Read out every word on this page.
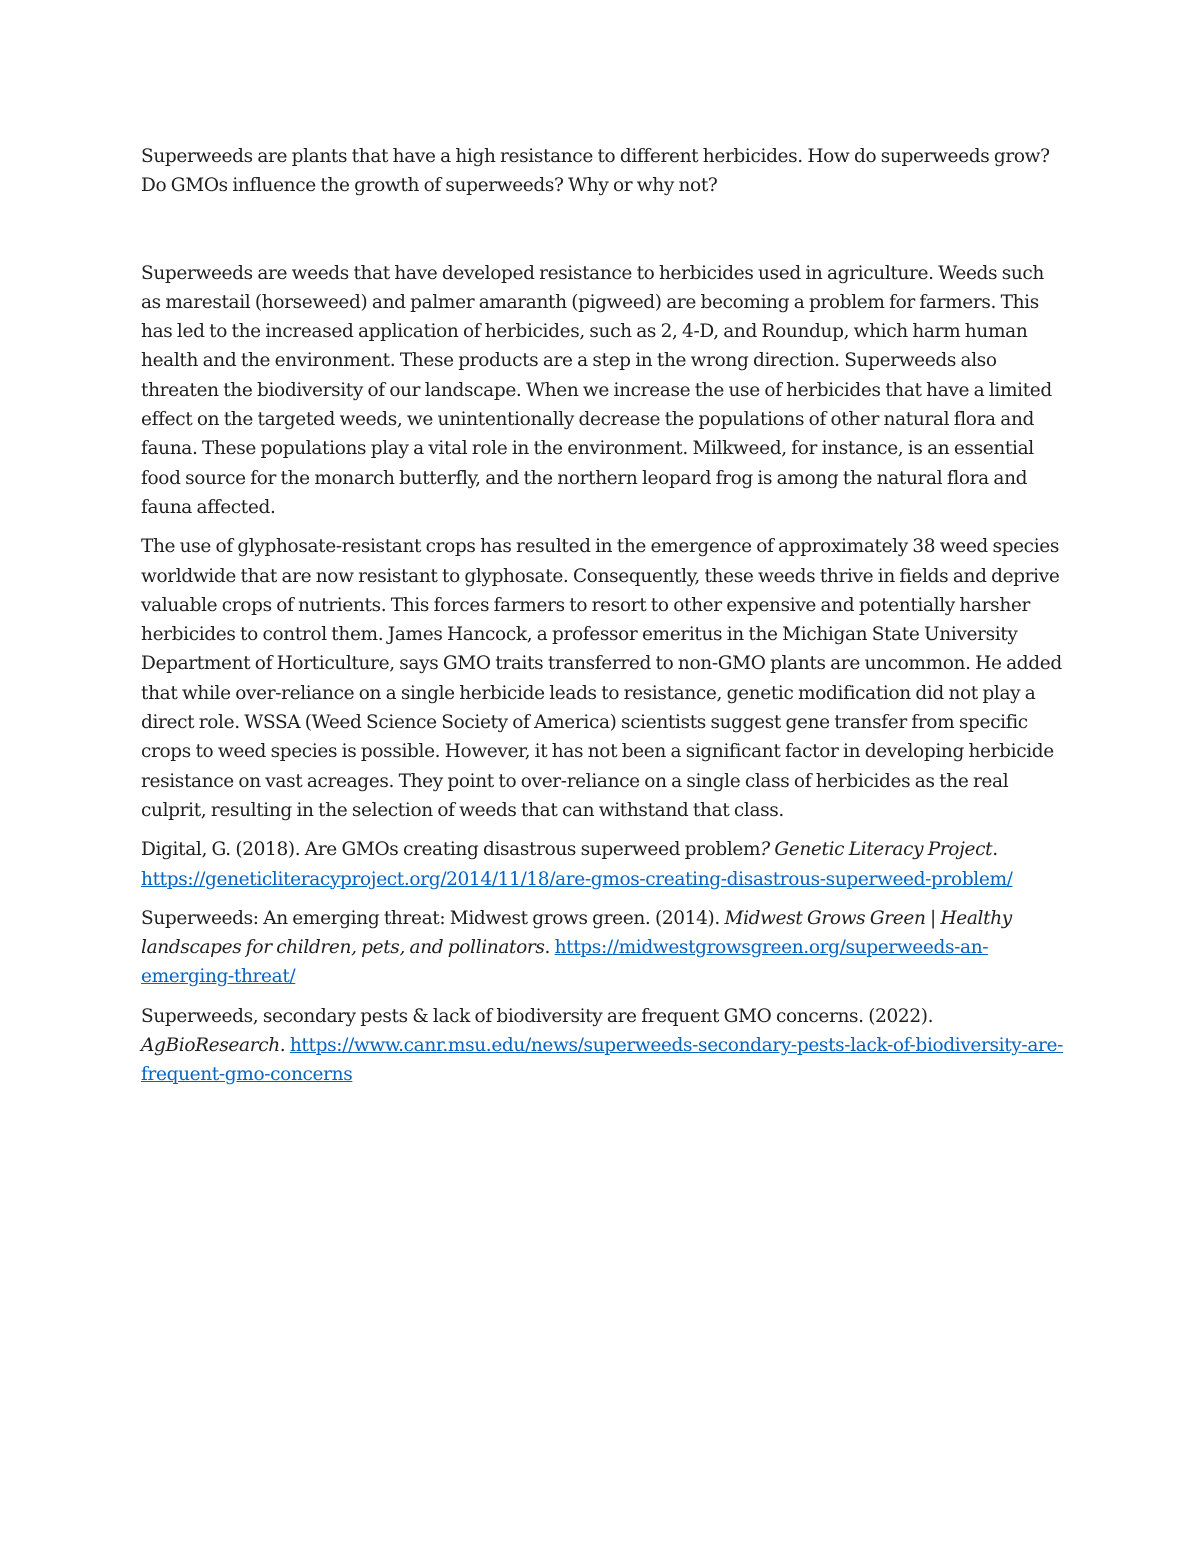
Superweeds are plants that have a high resistance to different herbicides. How do superweeds grow? Do GMOs influence the growth of superweeds? Why or why not?

Superweeds are weeds that have developed resistance to herbicides used in agriculture. Weeds such as marestail (horseweed) and palmer amaranth (pigweed) are becoming a problem for farmers. This has led to the increased application of herbicides, such as 2, 4-D, and Roundup, which harm human health and the environment. These products are a step in the wrong direction. Superweeds also threaten the biodiversity of our landscape. When we increase the use of herbicides that have a limited effect on the targeted weeds, we unintentionally decrease the populations of other natural flora and fauna. These populations play a vital role in the environment. Milkweed, for instance, is an essential food source for the monarch butterfly, and the northern leopard frog is among the natural flora and fauna affected.

The use of glyphosate-resistant crops has resulted in the emergence of approximately 38 weed species worldwide that are now resistant to glyphosate. Consequently, these weeds thrive in fields and deprive valuable crops of nutrients. This forces farmers to resort to other expensive and potentially harsher herbicides to control them. James Hancock, a professor emeritus in the Michigan State University Department of Horticulture, says GMO traits transferred to non-GMO plants are uncommon. He added that while over-reliance on a single herbicide leads to resistance, genetic modification did not play a direct role. WSSA (Weed Science Society of America) scientists suggest gene transfer from specific crops to weed species is possible. However, it has not been a significant factor in developing herbicide resistance on vast acreages. They point to over-reliance on a single class of herbicides as the real culprit, resulting in the selection of weeds that can withstand that class.

Digital, G. (2018). Are GMOs creating disastrous superweed problem? Genetic Literacy Project. https://geneticliteracyproject.org/2014/11/18/are-gmos-creating-disastrous-superweed-problem/

Superweeds: An emerging threat: Midwest grows green. (2014). Midwest Grows Green | Healthy landscapes for children, pets, and pollinators. https://midwestgrowsgreen.org/superweeds-an-emerging-threat/

Superweeds, secondary pests & lack of biodiversity are frequent GMO concerns. (2022). AgBioResearch. https://www.canr.msu.edu/news/superweeds-secondary-pests-lack-of-biodiversity-are-frequent-gmo-concerns
